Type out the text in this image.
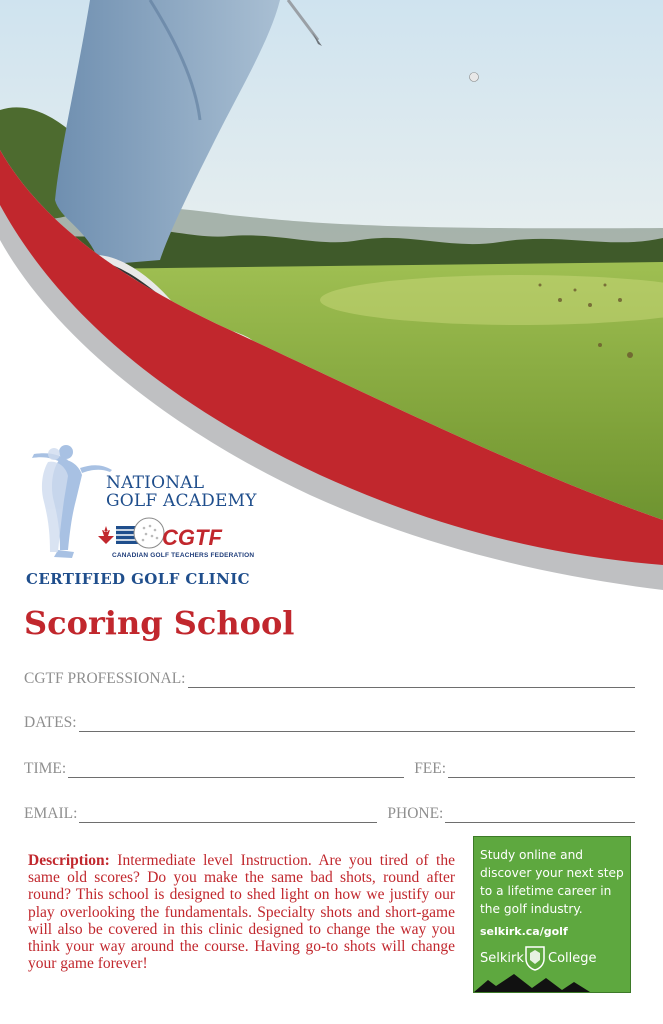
NATIONAL
GOLF ACADEMY
CGTF
CANADIAN GOLF TEACHERS FEDERATION
CERTIFIED GOLF CLINIC
Scoring School
CGTF PROFESSIONAL:
DATES:
TIME:	FEE:
EMAIL:	PHONE:
Description: Intermediate level Instruction. Are you tired of the same old scores? Do you make the same bad shots, round after round? This school is designed to shed light on how we justify our play overlooking the fundamentals. Specialty shots and short-game will also be covered in this clinic designed to change the way you think your way around the course. Having go-to shots will change your game forever!
Study online and discover your next step to a lifetime career in the golf industry.
selkirk.ca/golf
Selkirk College
